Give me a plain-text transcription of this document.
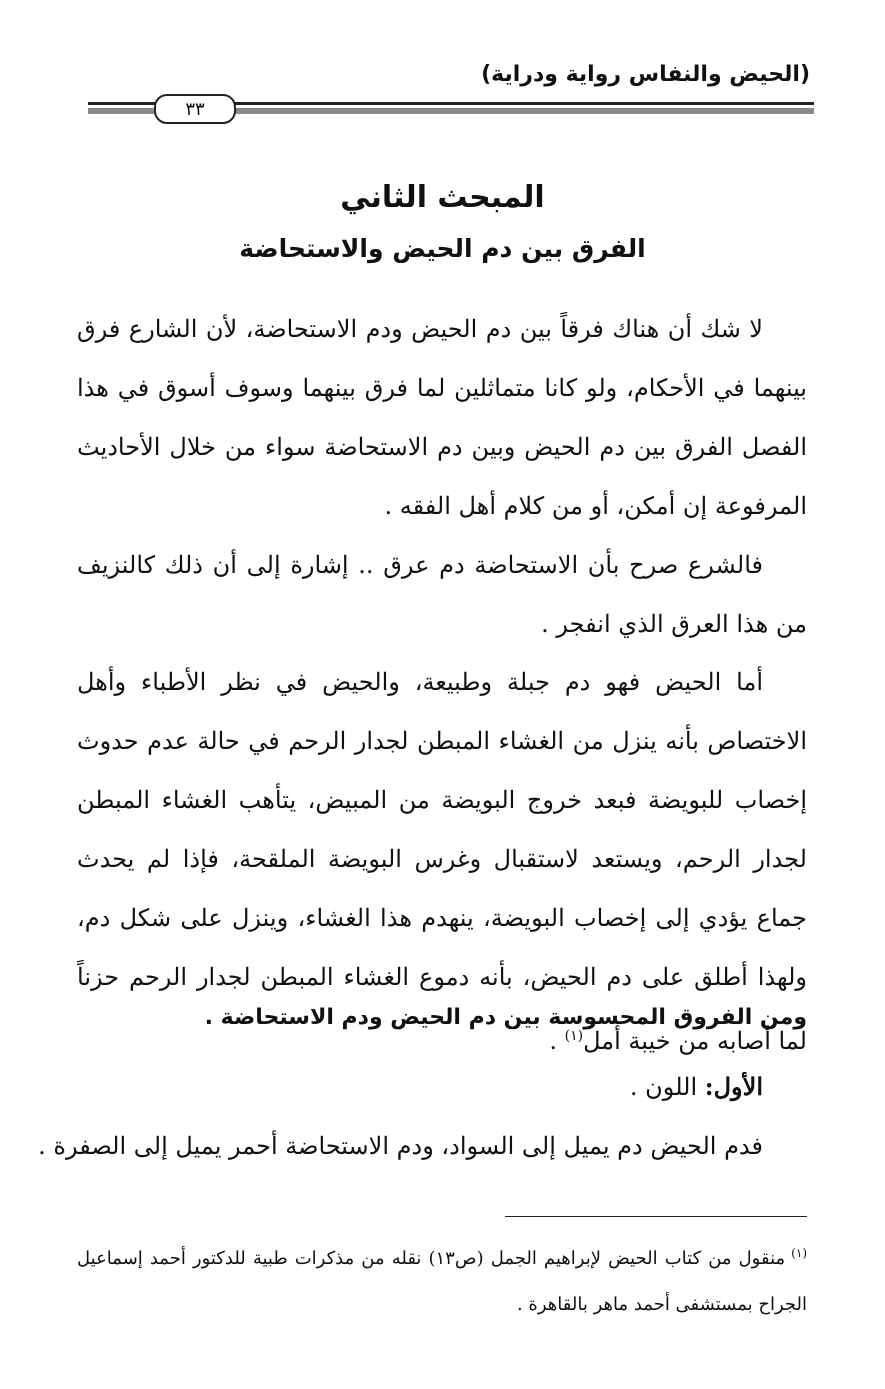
(الحيض والنفاس رواية ودراية)
٣٣
المبحث الثاني
الفرق بين دم الحيض والاستحاضة

لا شك أن هناك فرقاً بين دم الحيض ودم الاستحاضة، لأن الشارع فرق بينهما في الأحكام، ولو كانا متماثلين لما فرق بينهما وسوف أسوق في هذا الفصل الفرق بين دم الحيض وبين دم الاستحاضة سواء من خلال الأحاديث المرفوعة إن أمكن، أو من كلام أهل الفقه .

فالشرع صرح بأن الاستحاضة دم عرق .. إشارة إلى أن ذلك كالنزيف من هذا العرق الذي انفجر .

أما الحيض فهو دم جبلة وطبيعة، والحيض في نظر الأطباء وأهل الاختصاص بأنه ينزل من الغشاء المبطن لجدار الرحم في حالة عدم حدوث إخصاب للبويضة فبعد خروج البويضة من المبيض، يتأهب الغشاء المبطن لجدار الرحم، ويستعد لاستقبال وغرس البويضة الملقحة، فإذا لم يحدث جماع يؤدي إلى إخصاب البويضة، ينهدم هذا الغشاء، وينزل على شكل دم، ولهذا أطلق على دم الحيض، بأنه دموع الغشاء المبطن لجدار الرحم حزناً لما أصابه من خيبة أمل$^{(١)}$ .

ومن الفروق المحسوسة بين دم الحيض ودم الاستحاضة .
الأول: اللون .
فدم الحيض دم يميل إلى السواد، ودم الاستحاضة أحمر يميل إلى الصفرة .

$^{(١)}$منقول من كتاب الحيض لإبراهيم الجمل (ص١٣) نقله من مذكرات طبية للدكتور أحمد إسماعيل الجراح بمستشفى أحمد ماهر بالقاهرة .
